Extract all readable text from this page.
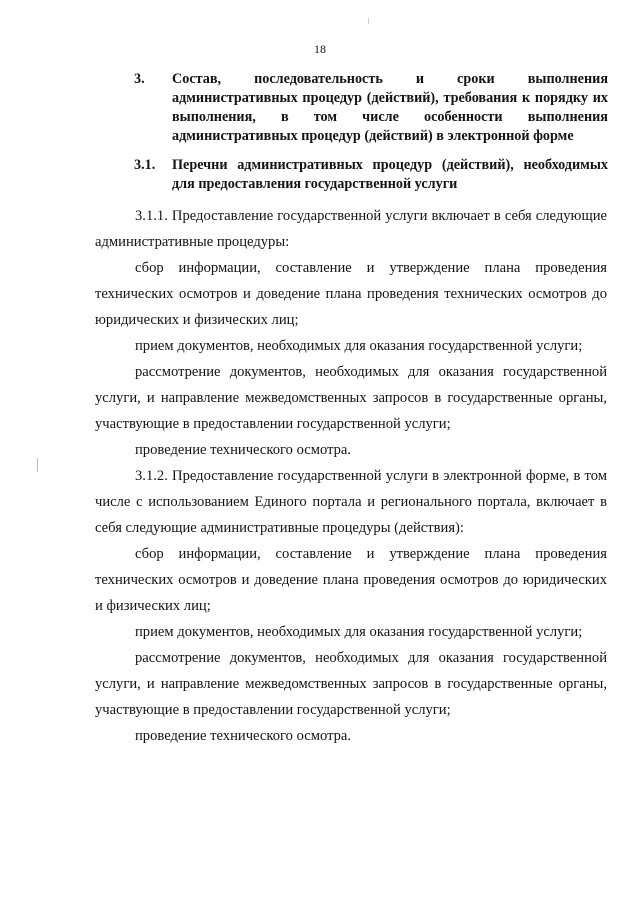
18
3. Состав, последовательность и сроки выполнения административных процедур (действий), требования к порядку их выполнения, в том числе особенности выполнения административных процедур (действий) в электронной форме
3.1. Перечни административных процедур (действий), необходимых для предоставления государственной услуги
3.1.1. Предоставление государственной услуги включает в себя следующие административные процедуры:
сбор информации, составление и утверждение плана проведения технических осмотров и доведение плана проведения технических осмотров до юридических и физических лиц;
прием документов, необходимых для оказания государственной услуги;
рассмотрение документов, необходимых для оказания государственной услуги, и направление межведомственных запросов в государственные органы, участвующие в предоставлении государственной услуги;
проведение технического осмотра.
3.1.2. Предоставление государственной услуги в электронной форме, в том числе с использованием Единого портала и регионального портала, включает в себя следующие административные процедуры (действия):
сбор информации, составление и утверждение плана проведения технических осмотров и доведение плана проведения осмотров до юридических и физических лиц;
прием документов, необходимых для оказания государственной услуги;
рассмотрение документов, необходимых для оказания государственной услуги, и направление межведомственных запросов в государственные органы, участвующие в предоставлении государственной услуги;
проведение технического осмотра.
